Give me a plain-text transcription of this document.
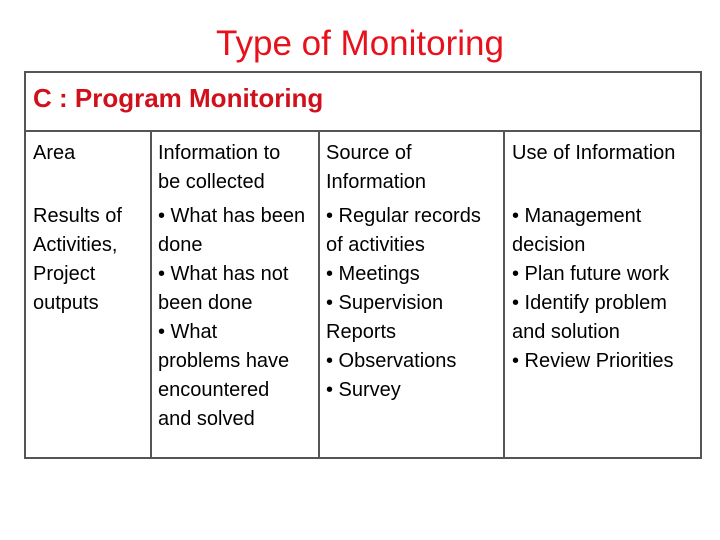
Type of Monitoring
C : Program Monitoring
Area	Information to
be collected
Source of
Information
Use of Information
Results of
Activities,
Project
outputs
• What has been
done
• What has not
been done
• What
problems have
encountered
and solved
• Regular records
of activities
• Meetings
• Supervision
Reports
• Observations
• Survey
• Management
decision
• Plan future work
• Identify problem
and solution
• Review Priorities
